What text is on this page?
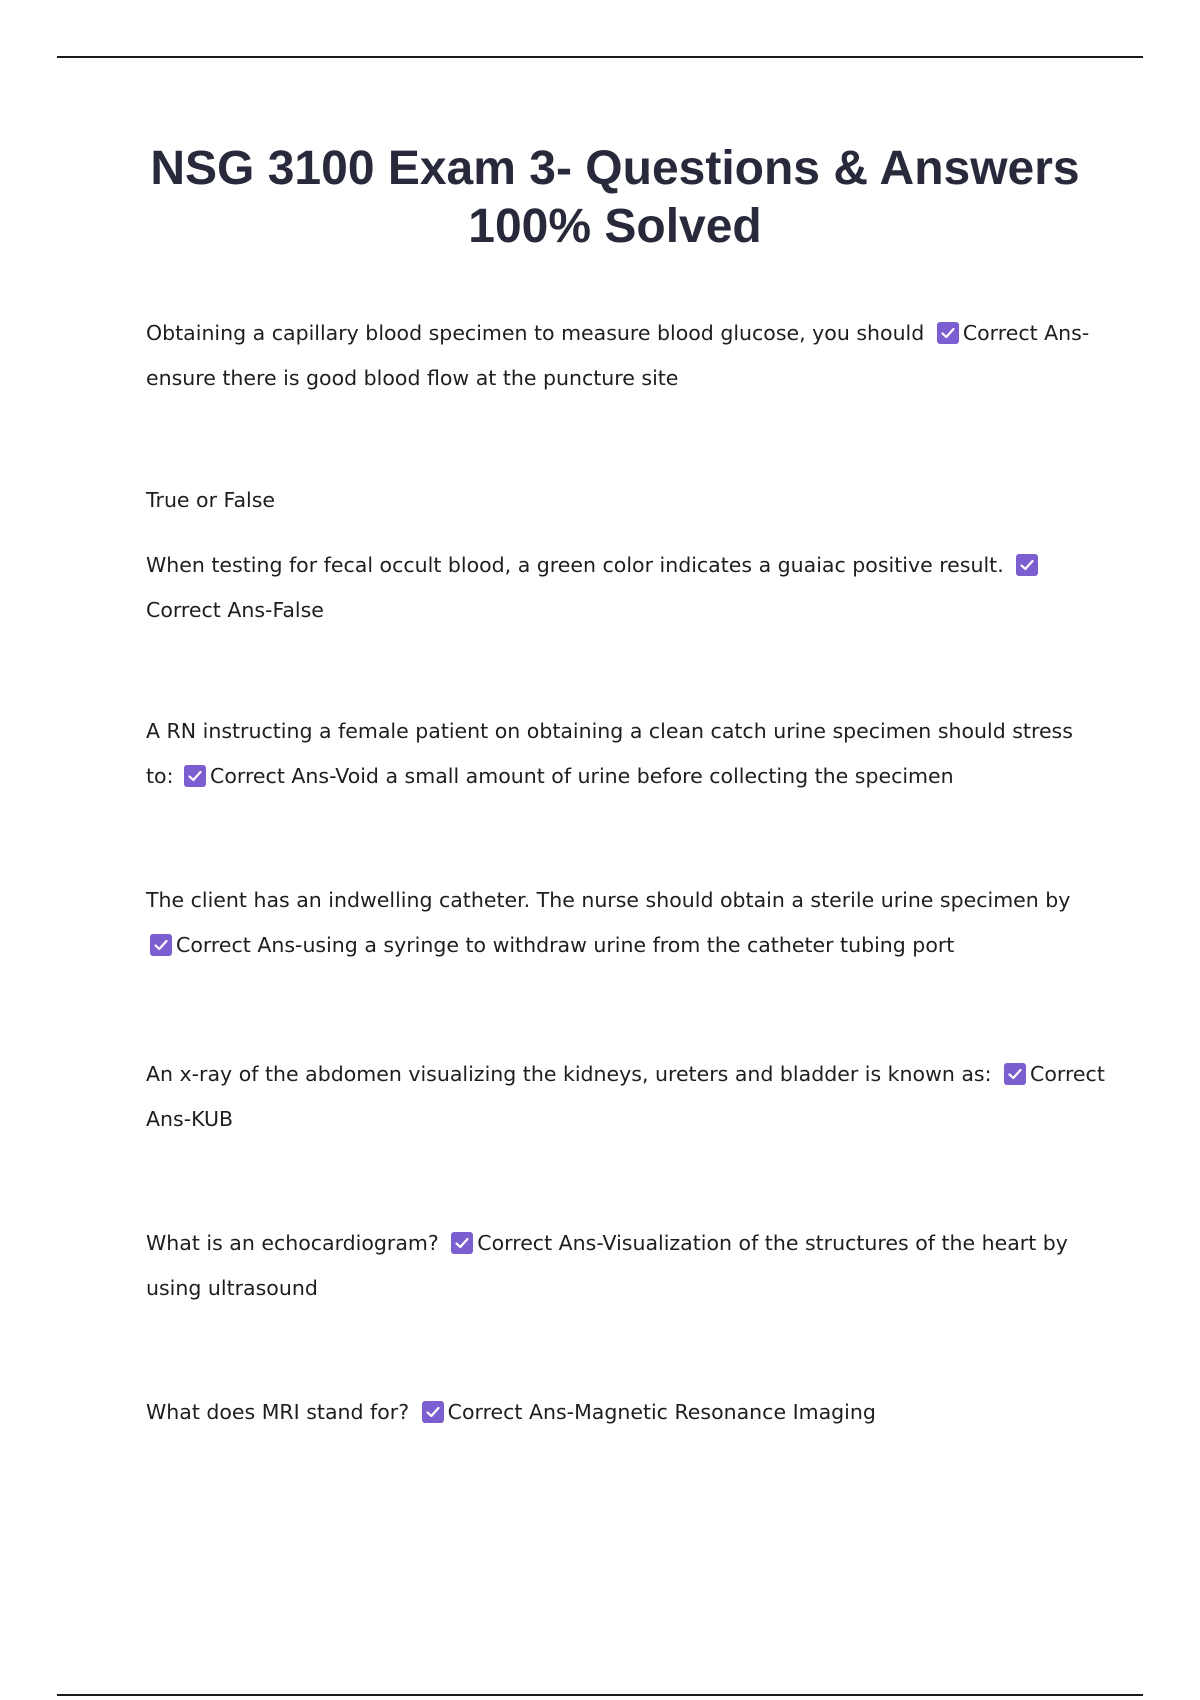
NSG 3100 Exam 3- Questions & Answers 100% Solved

Obtaining a capillary blood specimen to measure blood glucose, you should Correct Ans-ensure there is good blood flow at the puncture site

True or False

When testing for fecal occult blood, a green color indicates a guaiac positive result.
Correct Ans-False

A RN instructing a female patient on obtaining a clean catch urine specimen should stress to: Correct Ans-Void a small amount of urine before collecting the specimen

The client has an indwelling catheter. The nurse should obtain a sterile urine specimen by
Correct Ans-using a syringe to withdraw urine from the catheter tubing port

An x-ray of the abdomen visualizing the kidneys, ureters and bladder is known as: Correct Ans-KUB

What is an echocardiogram? Correct Ans-Visualization of the structures of the heart by using ultrasound

What does MRI stand for? Correct Ans-Magnetic Resonance Imaging
